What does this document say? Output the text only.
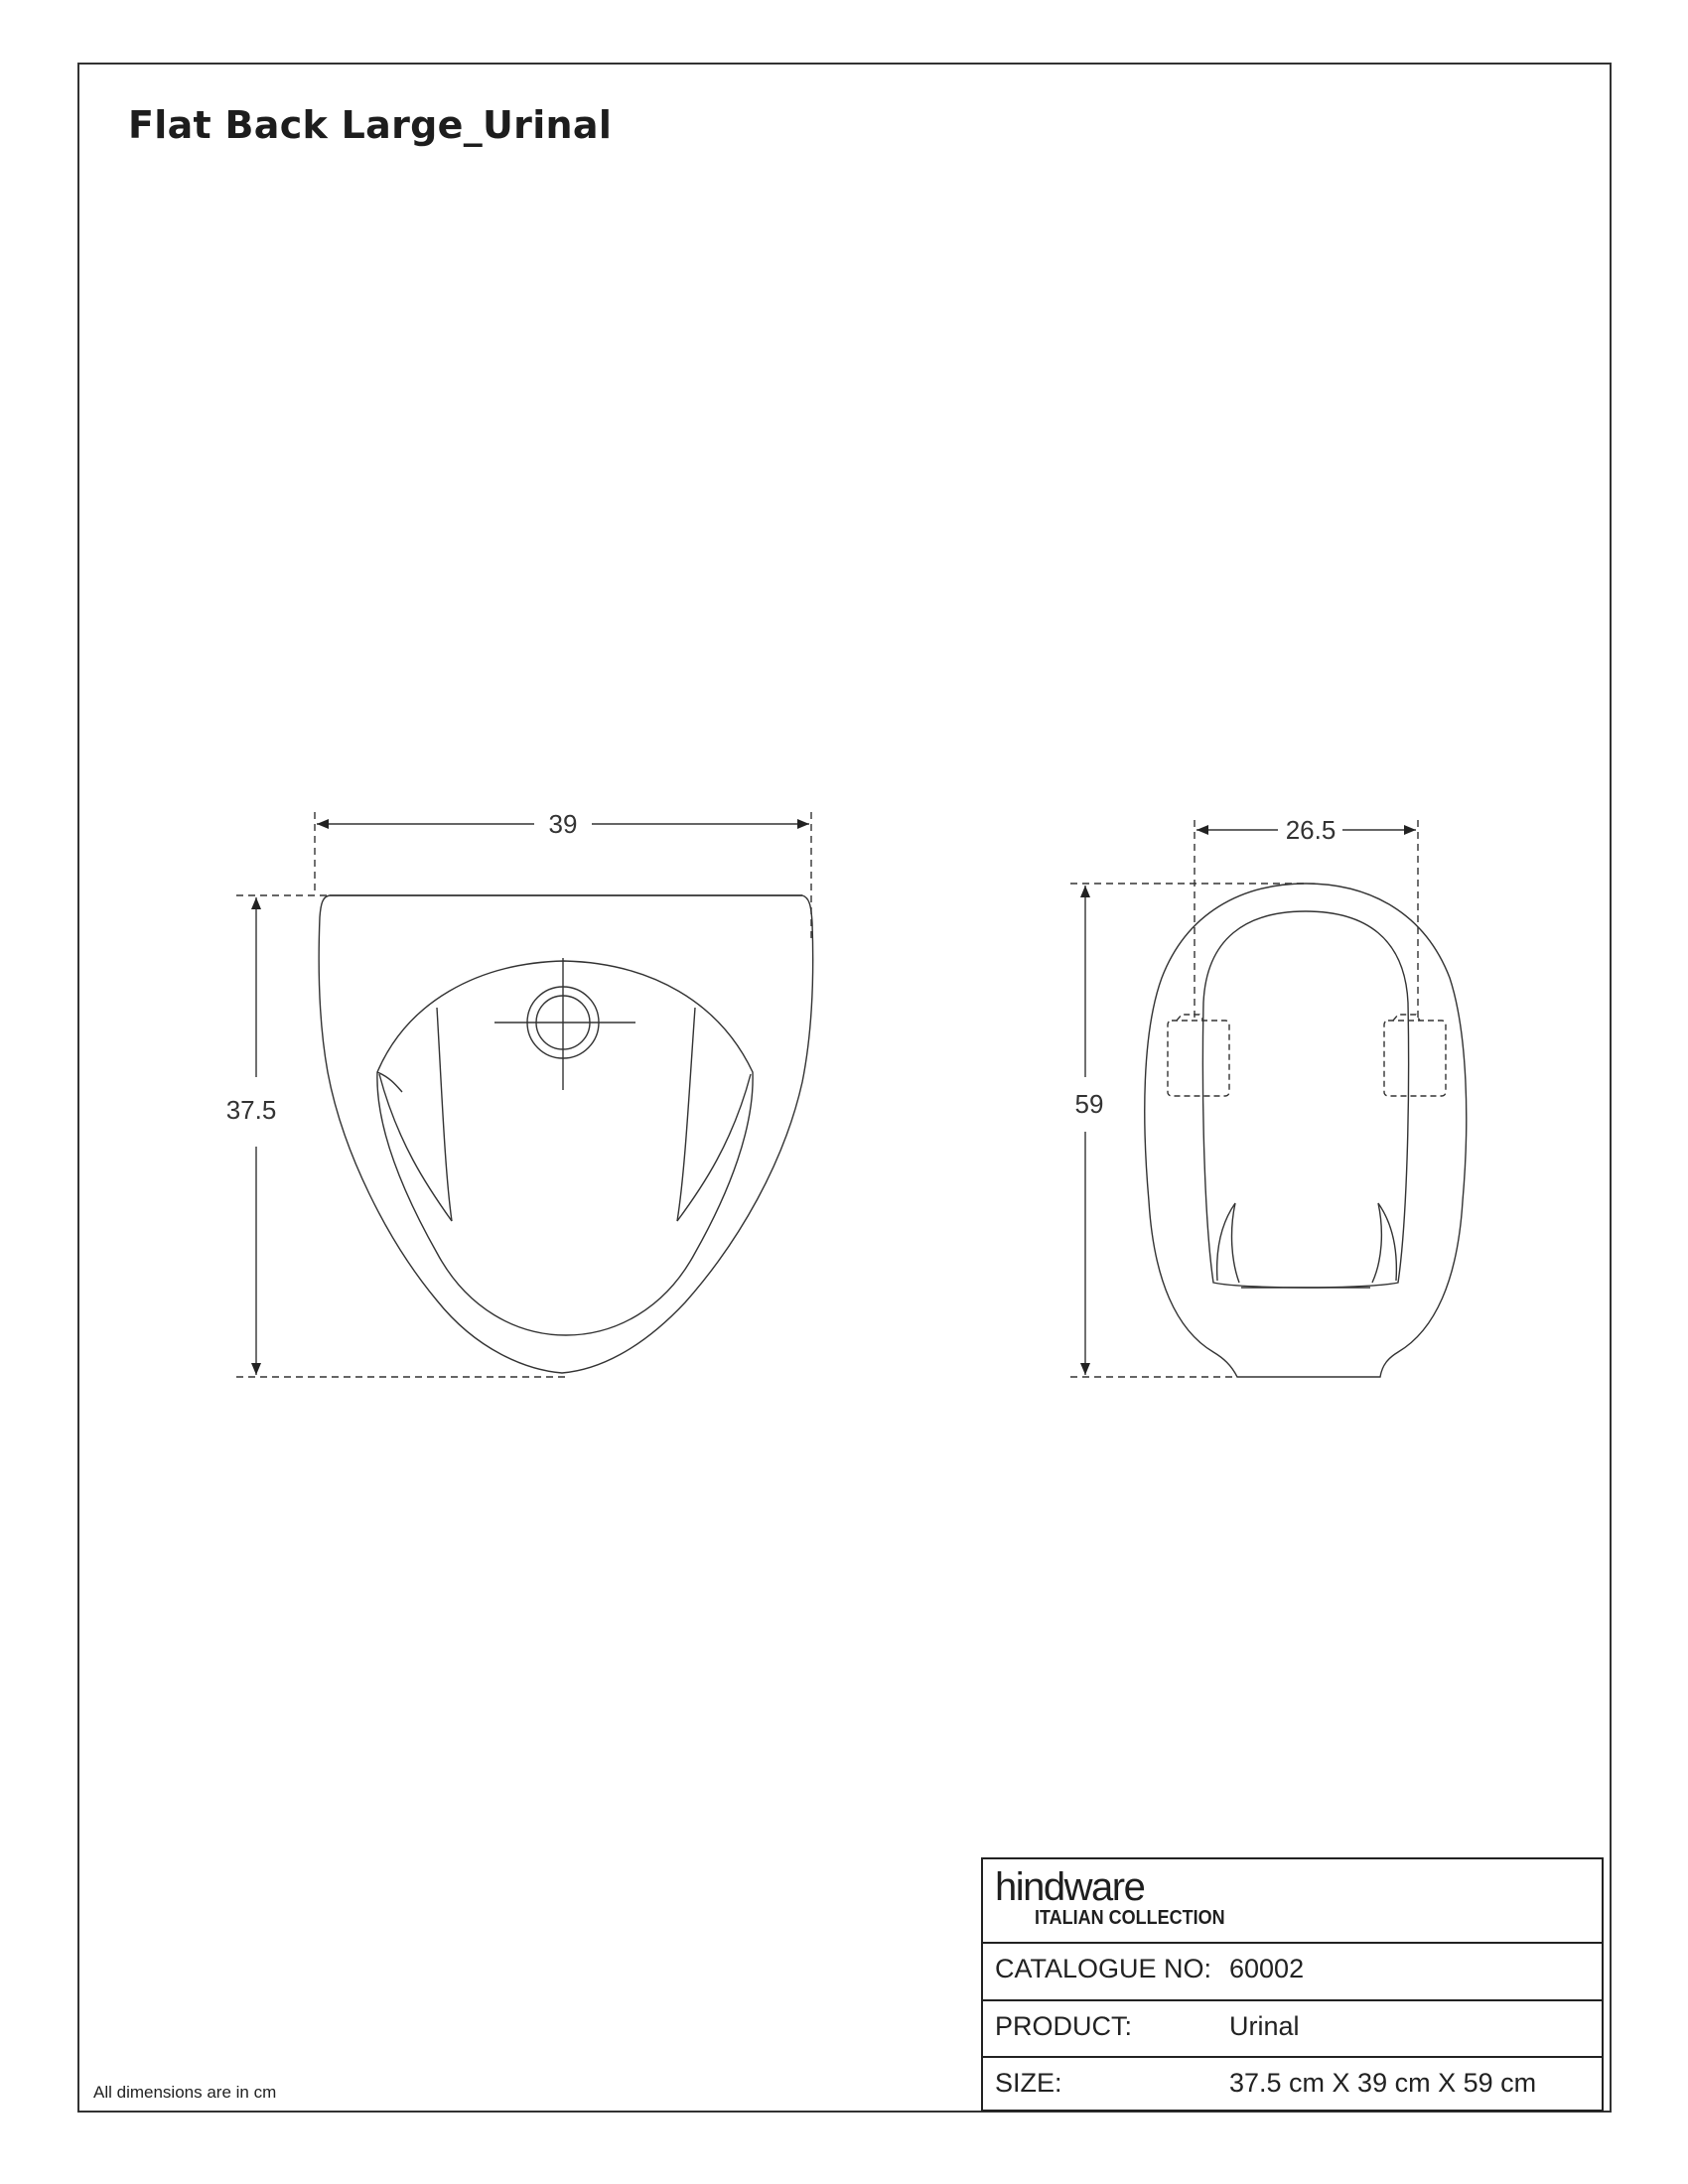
Flat Back Large_Urinal
39
37.5
26.5
59
All dimensions are in cm
hindware
ITALIAN COLLECTION
CATALOGUE NO: 60002
PRODUCT:	Urinal
SIZE:	37.5 cm X 39 cm X 59 cm
